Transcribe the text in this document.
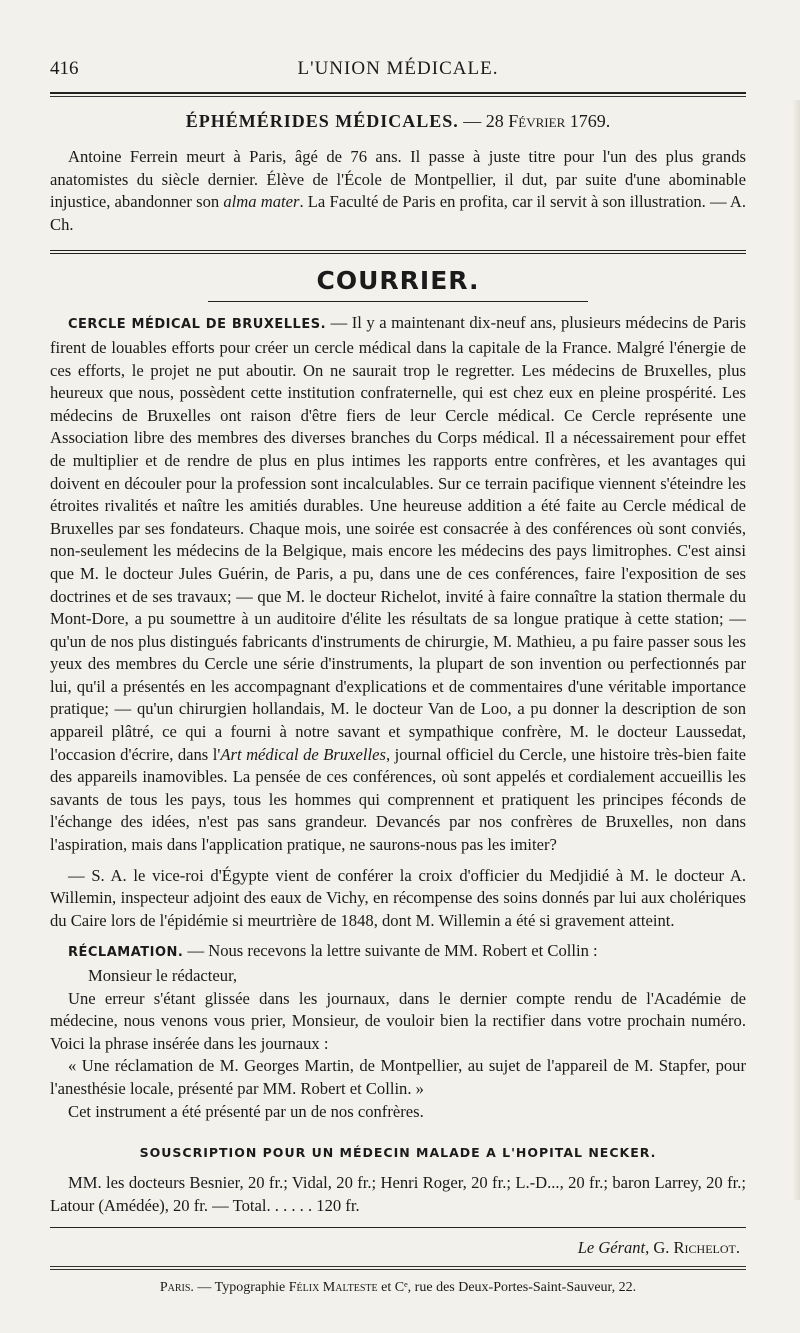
416	L'UNION MÉDICALE.
ÉPHÉMÉRIDES MÉDICALES. — 28 Février 1769.

Antoine Ferrein meurt à Paris, âgé de 76 ans. Il passe à juste titre pour l'un des plus grands anatomistes du siècle dernier. Élève de l'École de Montpellier, il dut, par suite d'une abominable injustice, abandonner son alma mater. La Faculté de Paris en profita, car il servit à son illustration. — A. Ch.

COURRIER.

CERCLE MÉDICAL DE BRUXELLES. — Il y a maintenant dix-neuf ans, plusieurs médecins de Paris firent de louables efforts pour créer un cercle médical dans la capitale de la France. Malgré l'énergie de ces efforts, le projet ne put aboutir. On ne saurait trop le regretter. Les médecins de Bruxelles, plus heureux que nous, possèdent cette institution confraternelle, qui est chez eux en pleine prospérité. Les médecins de Bruxelles ont raison d'être fiers de leur Cercle médical. Ce Cercle représente une Association libre des membres des diverses branches du Corps médical. Il a nécessairement pour effet de multiplier et de rendre de plus en plus intimes les rapports entre confrères, et les avantages qui doivent en découler pour la profession sont incalculables. Sur ce terrain pacifique viennent s'éteindre les étroites rivalités et naître les amitiés durables. Une heureuse addition a été faite au Cercle médical de Bruxelles par ses fondateurs. Chaque mois, une soirée est consacrée à des conférences où sont conviés, non-seulement les médecins de la Belgique, mais encore les médecins des pays limitrophes. C'est ainsi que M. le docteur Jules Guérin, de Paris, a pu, dans une de ces conférences, faire l'exposition de ses doctrines et de ses travaux; — que M. le docteur Richelot, invité à faire connaître la station thermale du Mont-Dore, a pu soumettre à un auditoire d'élite les résultats de sa longue pratique à cette station; — qu'un de nos plus distingués fabricants d'instruments de chirurgie, M. Mathieu, a pu faire passer sous les yeux des membres du Cercle une série d'instruments, la plupart de son invention ou perfectionnés par lui, qu'il a présentés en les accompagnant d'explications et de commentaires d'une véritable importance pratique; — qu'un chirurgien hollandais, M. le docteur Van de Loo, a pu donner la description de son appareil plâtré, ce qui a fourni à notre savant et sympathique confrère, M. le docteur Laussedat, l'occasion d'écrire, dans l'Art médical de Bruxelles, journal officiel du Cercle, une histoire très-bien faite des appareils inamovibles. La pensée de ces conférences, où sont appelés et cordialement accueillis les savants de tous les pays, tous les hommes qui comprennent et pratiquent les principes féconds de l'échange des idées, n'est pas sans grandeur. Devancés par nos confrères de Bruxelles, non dans l'aspiration, mais dans l'application pratique, ne saurons-nous pas les imiter?

— S. A. le vice-roi d'Égypte vient de conférer la croix d'officier du Medjidié à M. le docteur A. Willemin, inspecteur adjoint des eaux de Vichy, en récompense des soins donnés par lui aux cholériques du Caire lors de l'épidémie si meurtrière de 1848, dont M. Willemin a été si gravement atteint.

RÉCLAMATION. — Nous recevons la lettre suivante de MM. Robert et Collin :

Monsieur le rédacteur,

Une erreur s'étant glissée dans les journaux, dans le dernier compte rendu de l'Académie de médecine, nous venons vous prier, Monsieur, de vouloir bien la rectifier dans votre prochain numéro. Voici la phrase insérée dans les journaux :

« Une réclamation de M. Georges Martin, de Montpellier, au sujet de l'appareil de M. Stapfer, pour l'anesthésie locale, présenté par MM. Robert et Collin. »

Cet instrument a été présenté par un de nos confrères.

SOUSCRIPTION POUR UN MÉDECIN MALADE A L'HOPITAL NECKER.

MM. les docteurs Besnier, 20 fr.; Vidal, 20 fr.; Henri Roger, 20 fr.; L.-D..., 20 fr.; baron Larrey, 20 fr.; Latour (Amédée), 20 fr. — Total. . . . . . 120 fr.

Le Gérant, G. Richelot.
Paris. — Typographie Félix Malteste et Cᵉ, rue des Deux-Portes-Saint-Sauveur, 22.
